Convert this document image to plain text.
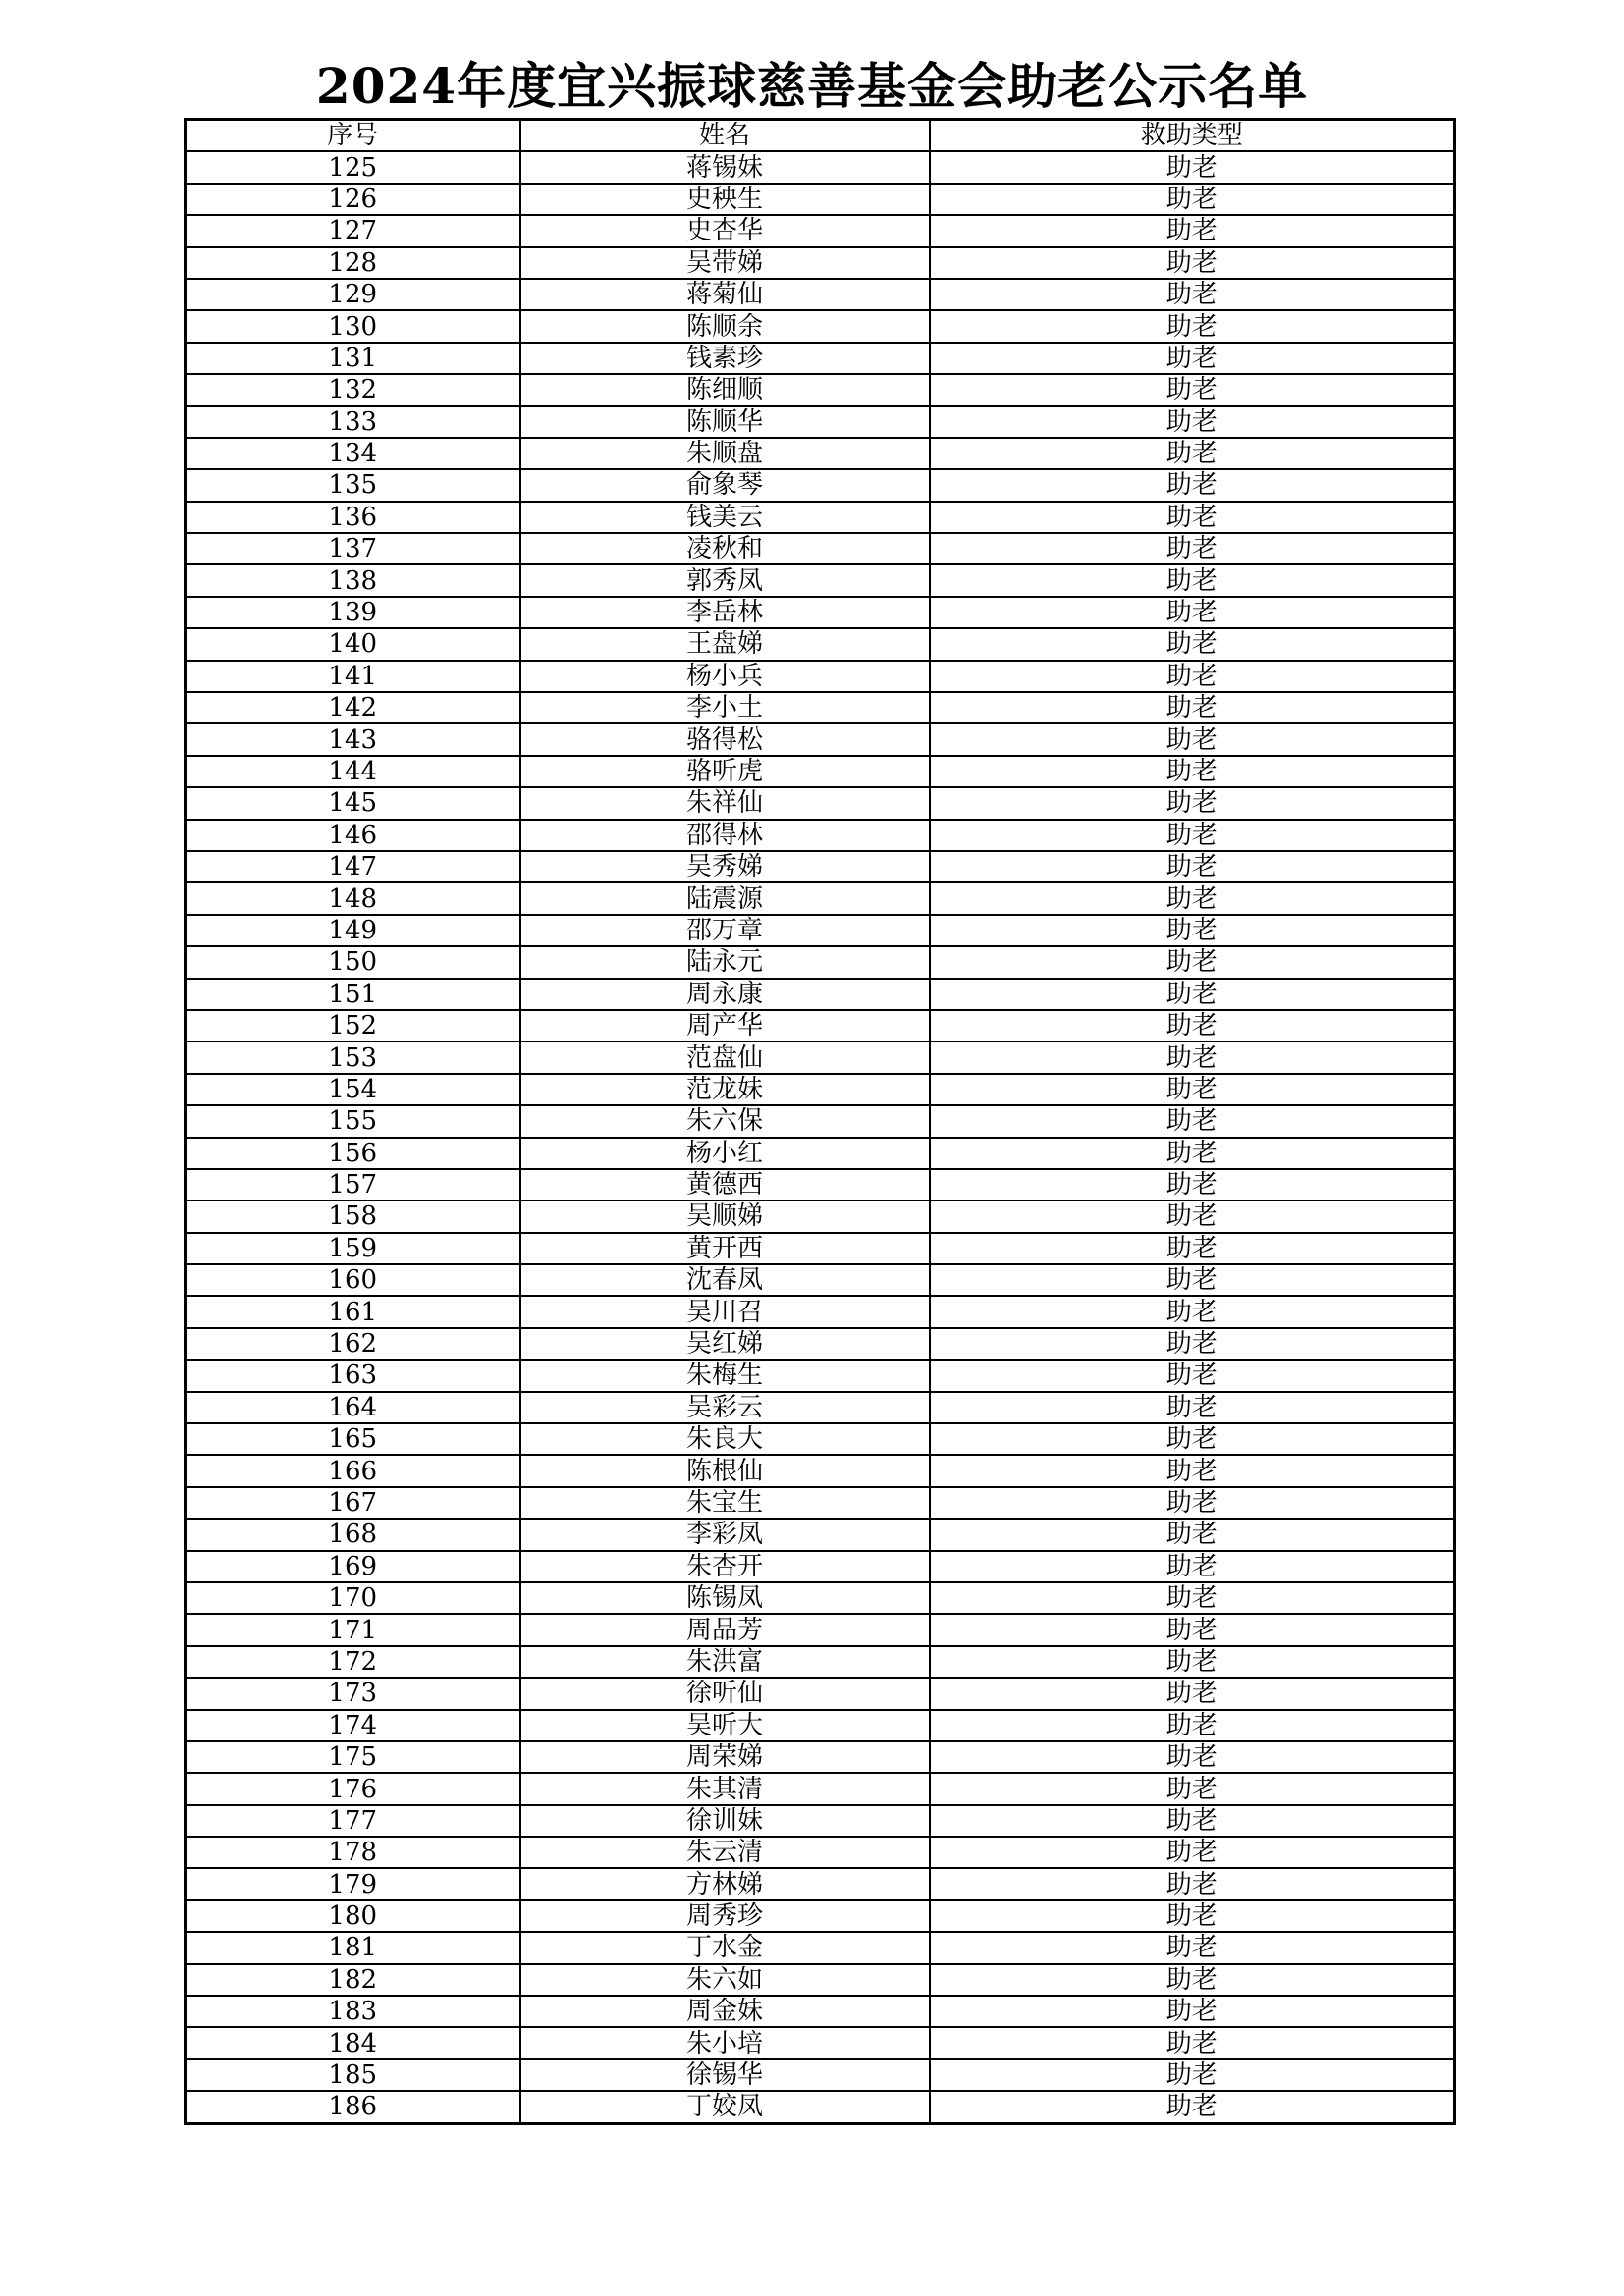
2024年度宜兴振球慈善基金会助老公示名单
序号	姓名	救助类型
125	蒋锡妹	助老
126	史秧生	助老
127	史杏华	助老
128	吴带娣	助老
129	蒋菊仙	助老
130	陈顺余	助老
131	钱素珍	助老
132	陈细顺	助老
133	陈顺华	助老
134	朱顺盘	助老
135	俞象琴	助老
136	钱美云	助老
137	凌秋和	助老
138	郭秀凤	助老
139	李岳林	助老
140	王盘娣	助老
141	杨小兵	助老
142	李小土	助老
143	骆得松	助老
144	骆听虎	助老
145	朱祥仙	助老
146	邵得林	助老
147	吴秀娣	助老
148	陆震源	助老
149	邵万章	助老
150	陆永元	助老
151	周永康	助老
152	周产华	助老
153	范盘仙	助老
154	范龙妹	助老
155	朱六保	助老
156	杨小红	助老
157	黄德西	助老
158	吴顺娣	助老
159	黄开西	助老
160	沈春凤	助老
161	吴川召	助老
162	吴红娣	助老
163	朱梅生	助老
164	吴彩云	助老
165	朱良大	助老
166	陈根仙	助老
167	朱宝生	助老
168	李彩凤	助老
169	朱杏开	助老
170	陈锡凤	助老
171	周品芳	助老
172	朱洪富	助老
173	徐听仙	助老
174	吴听大	助老
175	周荣娣	助老
176	朱其清	助老
177	徐训妹	助老
178	朱云清	助老
179	方林娣	助老
180	周秀珍	助老
181	丁水金	助老
182	朱六如	助老
183	周金妹	助老
184	朱小培	助老
185	徐锡华	助老
186	丁姣凤	助老
